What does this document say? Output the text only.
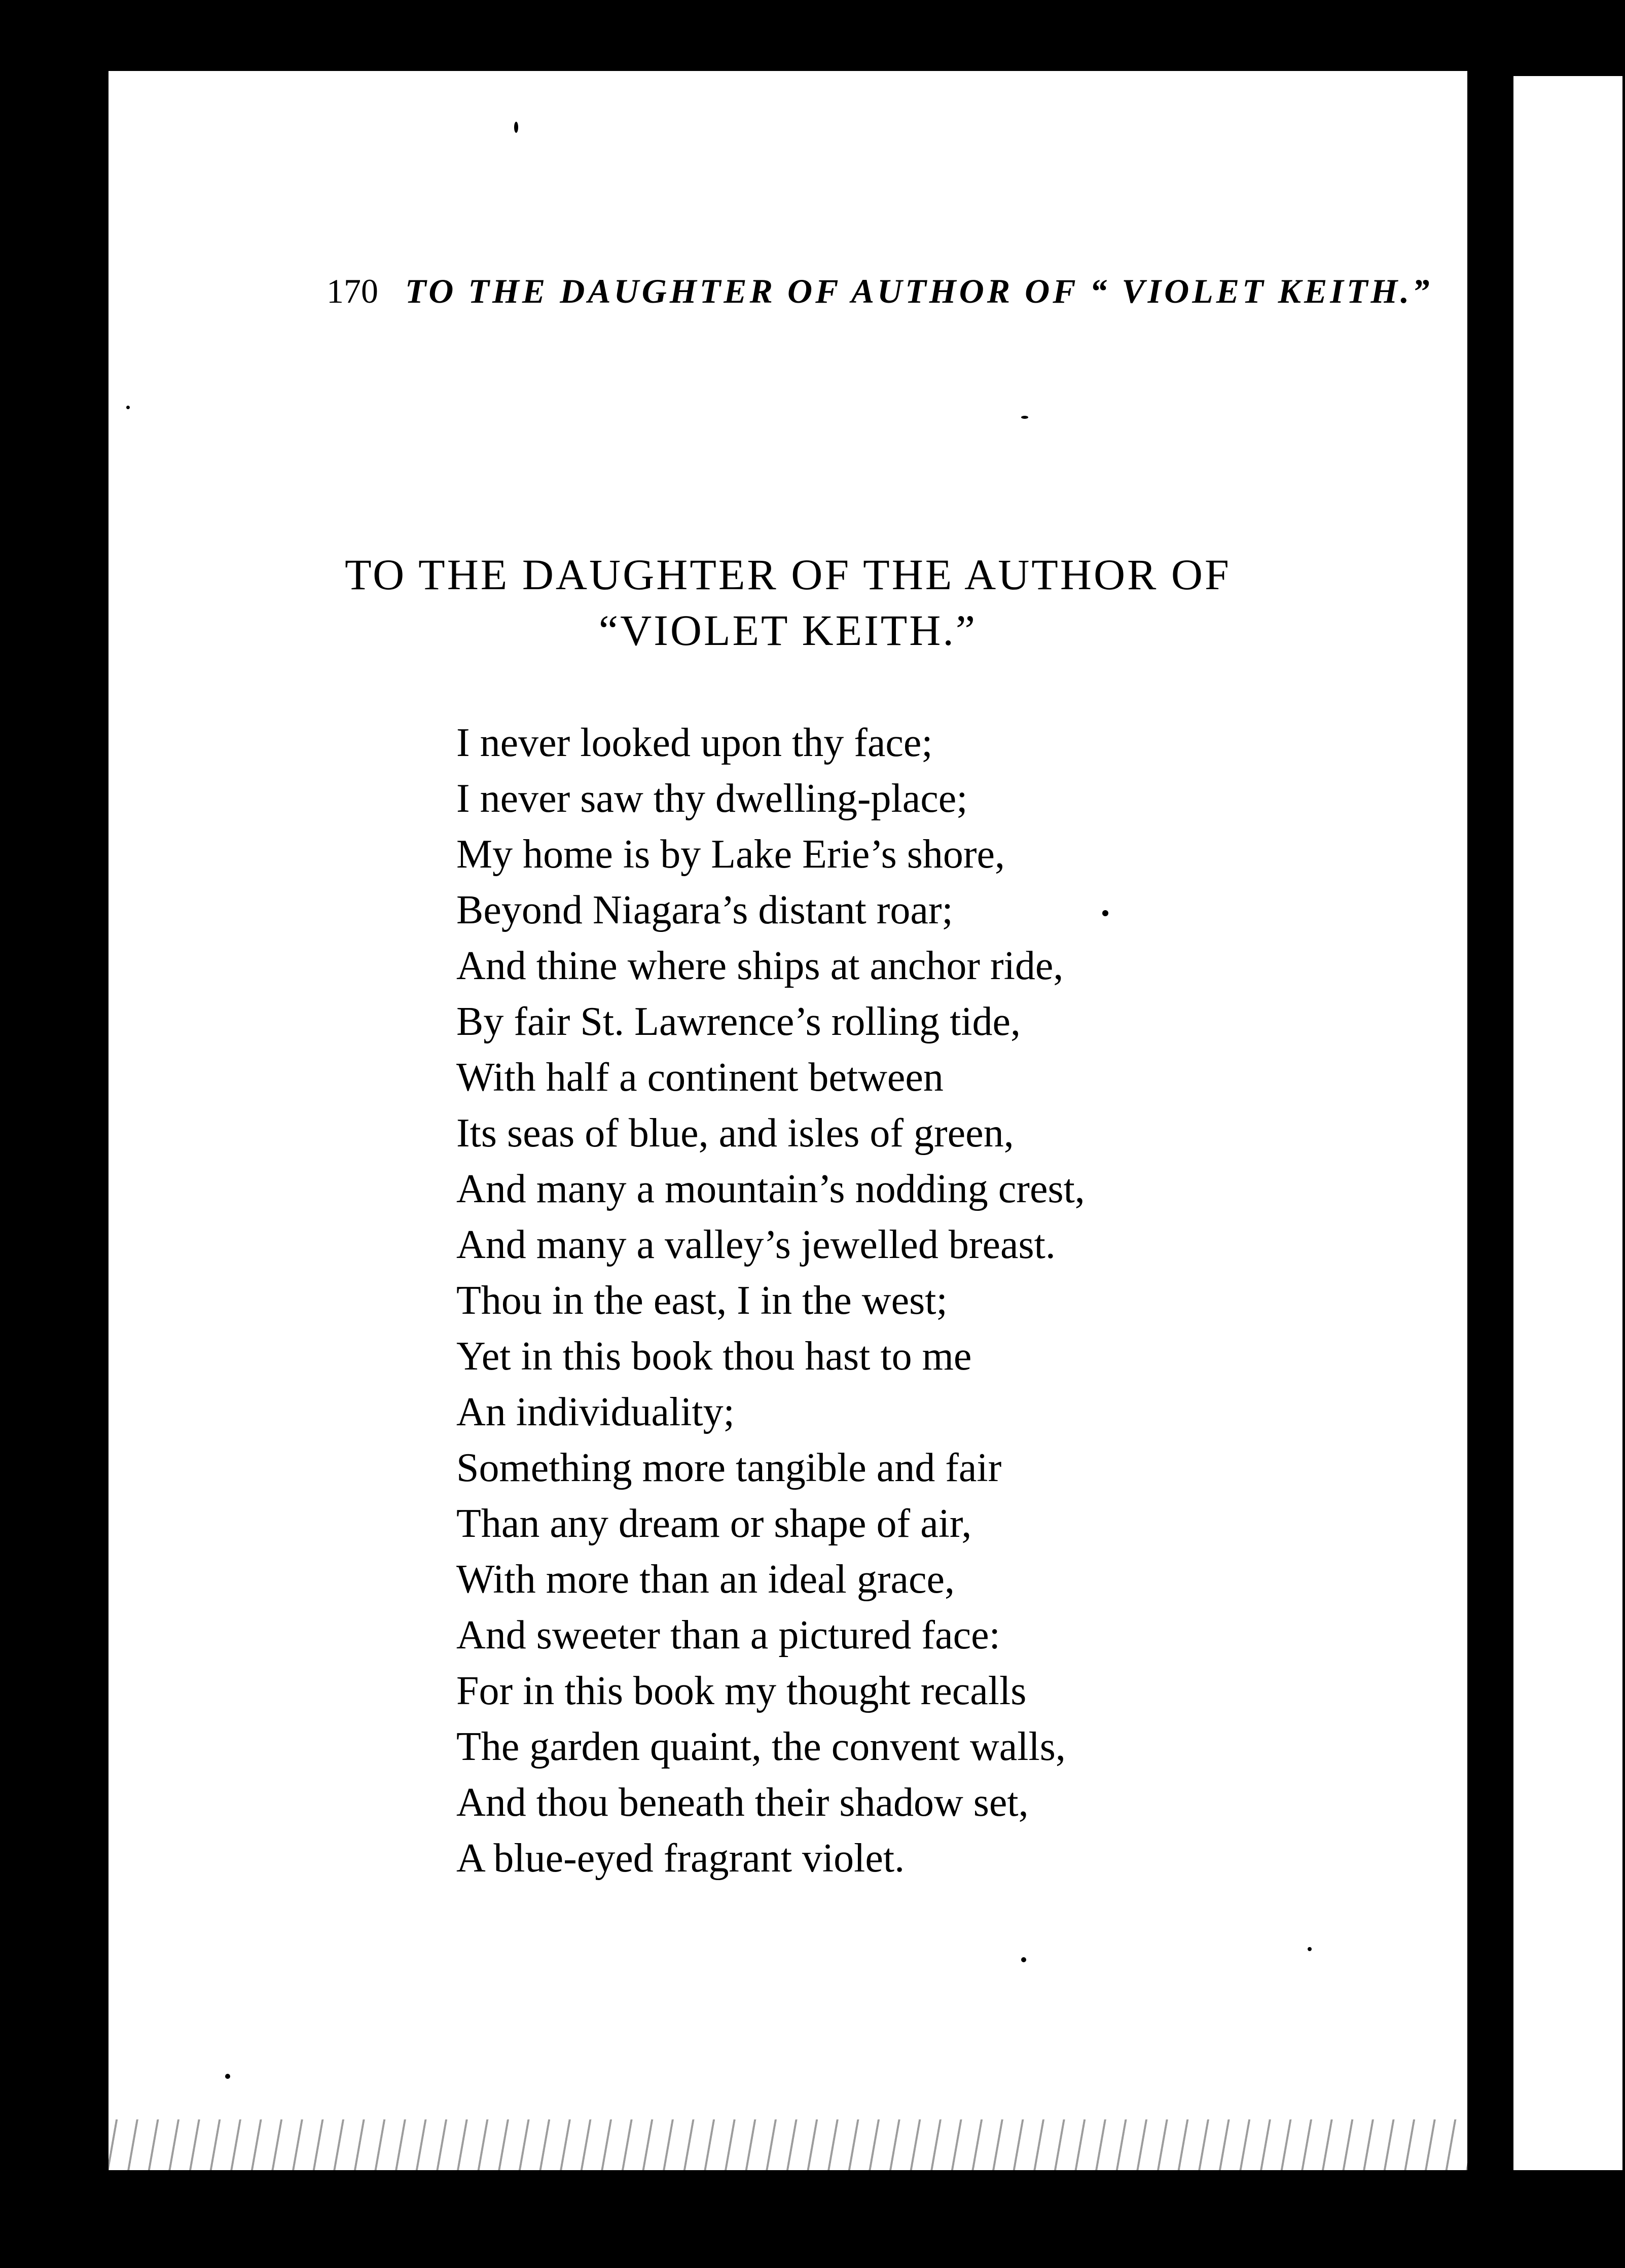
170 TO THE DAUGHTER OF AUTHOR OF “ VIOLET KEITH.”
TO THE DAUGHTER OF THE AUTHOR OF
“VIOLET KEITH.”
I never looked upon thy face;
I never saw thy dwelling-place;
My home is by Lake Erie’s shore,
Beyond Niagara’s distant roar;
And thine where ships at anchor ride,
By fair St. Lawrence’s rolling tide,
With half a continent between
Its seas of blue, and isles of green,
And many a mountain’s nodding crest,
And many a valley’s jewelled breast.
Thou in the east, I in the west;
Yet in this book thou hast to me
An individuality;
Something more tangible and fair
Than any dream or shape of air,
With more than an ideal grace,
And sweeter than a pictured face:
For in this book my thought recalls
The garden quaint, the convent walls,
And thou beneath their shadow set,
A blue-eyed fragrant violet.
